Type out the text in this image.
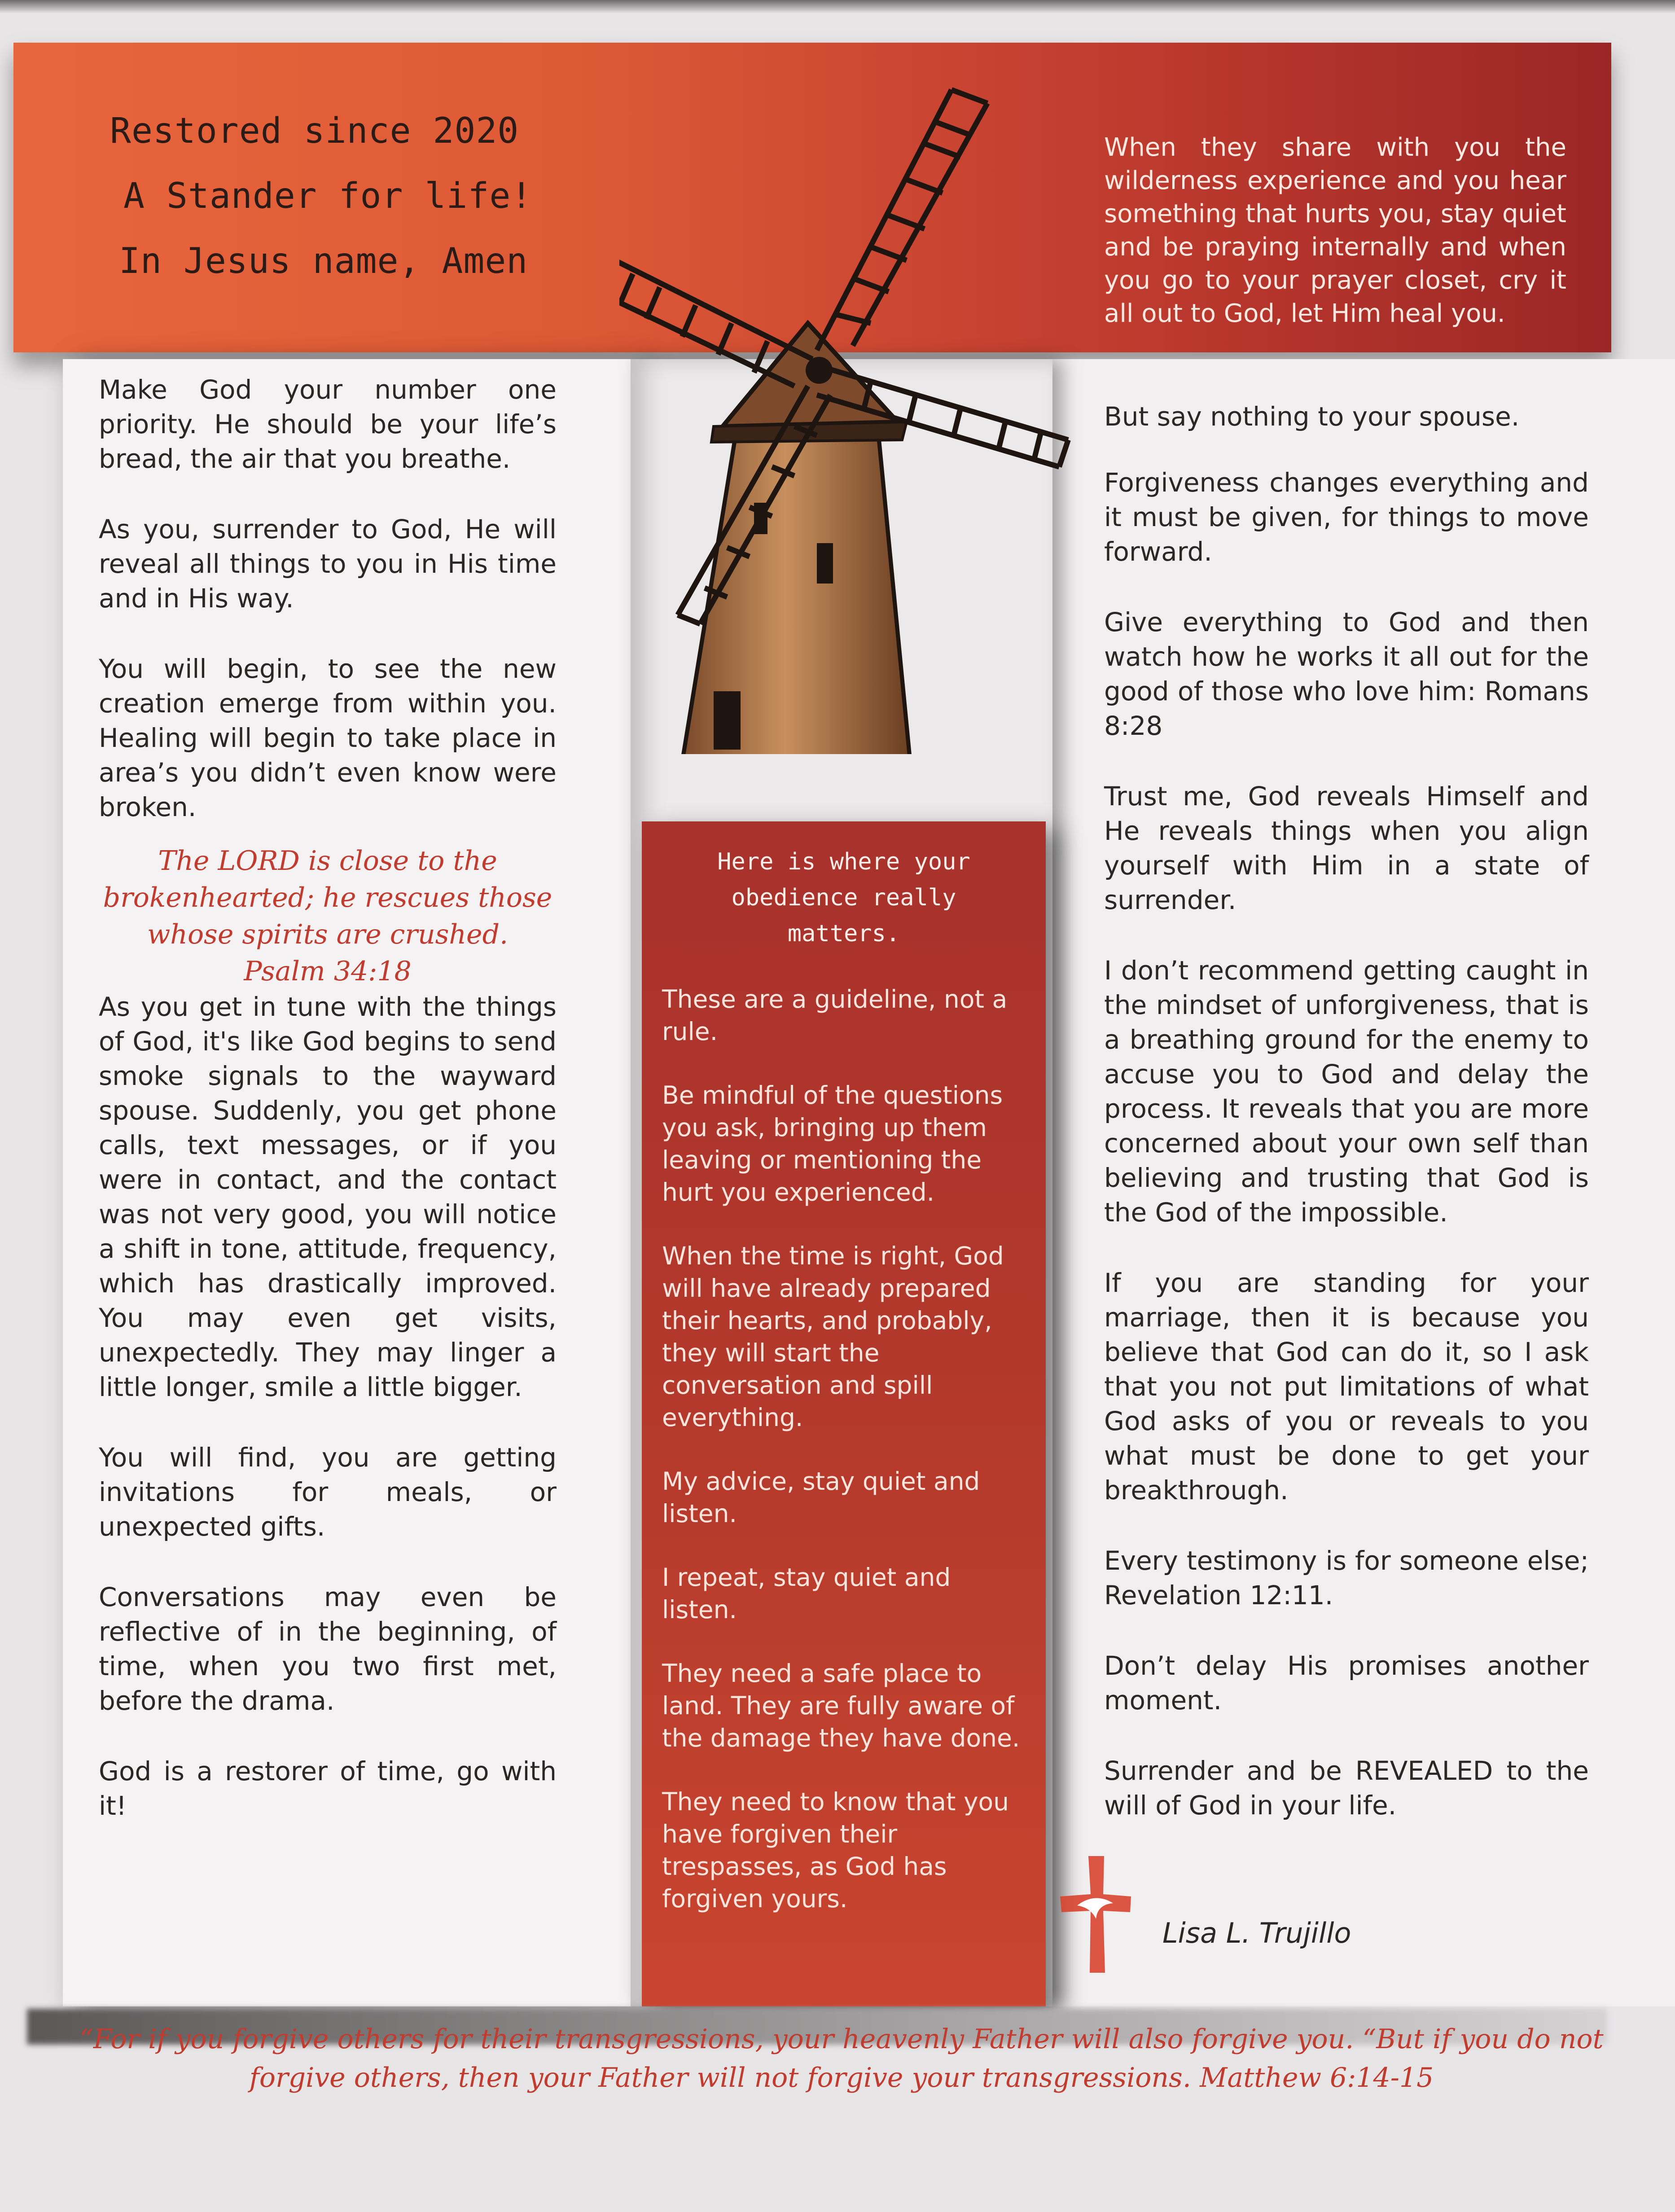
Restored since 2020
A Stander for life!
In Jesus name, Amen
When they share with you the wilderness experience and you hear something that hurts you, stay quiet and be praying internally and when you go to your prayer closet, cry it all out to God, let Him heal you.

Make God your number one priority. He should be your life’s bread, the air that you breathe.

As you, surrender to God, He will reveal all things to you in His time and in His way.

You will begin, to see the new creation emerge from within you. Healing will begin to take place in area’s you didn’t even know were broken.

The LORD is close to the brokenhearted; he rescues those whose spirits are crushed.

Psalm 34:18

As you get in tune with the things of God, it's like God begins to send smoke signals to the wayward spouse. Suddenly, you get phone calls, text messages, or if you were in contact, and the contact was not very good, you will notice a shift in tone, attitude, frequency, which has drastically improved. You may even get visits, unexpectedly. They may linger a little longer, smile a little bigger.

You will find, you are getting invitations for meals, or unexpected gifts.

Conversations may even be reflective of in the beginning, of time, when you two first met, before the drama.

God is a restorer of time, go with it!

Here is where your obedience really matters.

These are a guideline, not a rule.

Be mindful of the questions you ask, bringing up them leaving or mentioning the hurt you experienced.

When the time is right, God will have already prepared their hearts, and probably, they will start the conversation and spill everything.

My advice, stay quiet and listen.

I repeat, stay quiet and listen.

They need a safe place to land. They are fully aware of the damage they have done.

They need to know that you have forgiven their trespasses, as God has forgiven yours.

But say nothing to your spouse.

Forgiveness changes everything and it must be given, for things to move forward.

Give everything to God and then watch how he works it all out for the good of those who love him: Romans 8:28

Trust me, God reveals Himself and He reveals things when you align yourself with Him in a state of surrender.

I don’t recommend getting caught in the mindset of unforgiveness, that is a breathing ground for the enemy to accuse you to God and delay the process. It reveals that you are more concerned about your own self than believing and trusting that God is the God of the impossible.

If you are standing for your marriage, then it is because you believe that God can do it, so I ask that you not put limitations of what God asks of you or reveals to you what must be done to get your breakthrough.

Every testimony is for someone else; Revelation 12:11.

Don’t delay His promises another moment.

Surrender and be REVEALED to the will of God in your life.

Lisa L. Trujillo
“For if you forgive others for their transgressions, your heavenly Father will also forgive you. “But if you do not forgive others, then your Father will not forgive your transgressions. Matthew 6:14-15
